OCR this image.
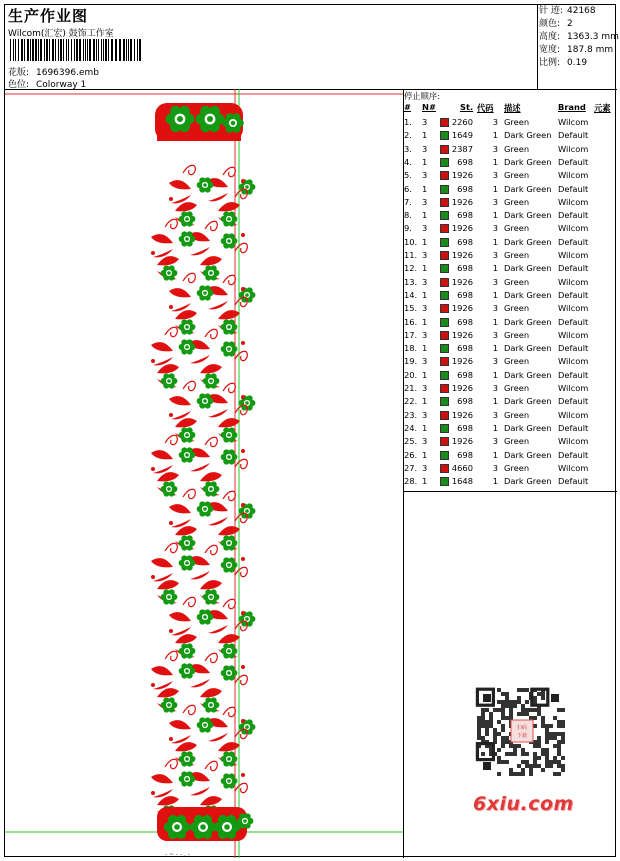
生产作业图
Wilcom(汇宏) 鼓饰工作室
花版: 1696396.emb
色位: Colorway 1
针 迹: 42168
颜色: 2
高度: 1363.3 mm
宽度: 187.8 mm
比例: 0.19
- ~ - - . -
停止顺序:
# N#	St. 代码 描述	Brand 元素
1. 3	2260	3 Green	Wilcom
2. 1	1649	1 Dark Green Default
3. 3	2387	3 Green	Wilcom
4. 1	698	1 Dark Green Default
5. 3	1926	3 Green	Wilcom
6. 1	698	1 Dark Green Default
7. 3	1926	3 Green	Wilcom
8. 1	698	1 Dark Green Default
9. 3	1926	3 Green	Wilcom
10. 1	698	1 Dark Green Default
11. 3	1926	3 Green	Wilcom
12. 1	698	1 Dark Green Default
13. 3	1926	3 Green	Wilcom
14. 1	698	1 Dark Green Default
15. 3	1926	3 Green	Wilcom
16. 1	698	1 Dark Green Default
17. 3	1926	3 Green	Wilcom
18. 1	698	1 Dark Green Default
19. 3	1926	3 Green	Wilcom
20. 1	698	1 Dark Green Default
21. 3	1926	3 Green	Wilcom
22. 1	698	1 Dark Green Default
23. 3	1926	3 Green	Wilcom
24. 1	698	1 Dark Green Default
25. 3	1926	3 Green	Wilcom
26. 1	698	1 Dark Green Default
27. 3	4660	3 Green	Wilcom
28. 1	1648	1 Dark Green Default
扫码
下载
6xiu.com
